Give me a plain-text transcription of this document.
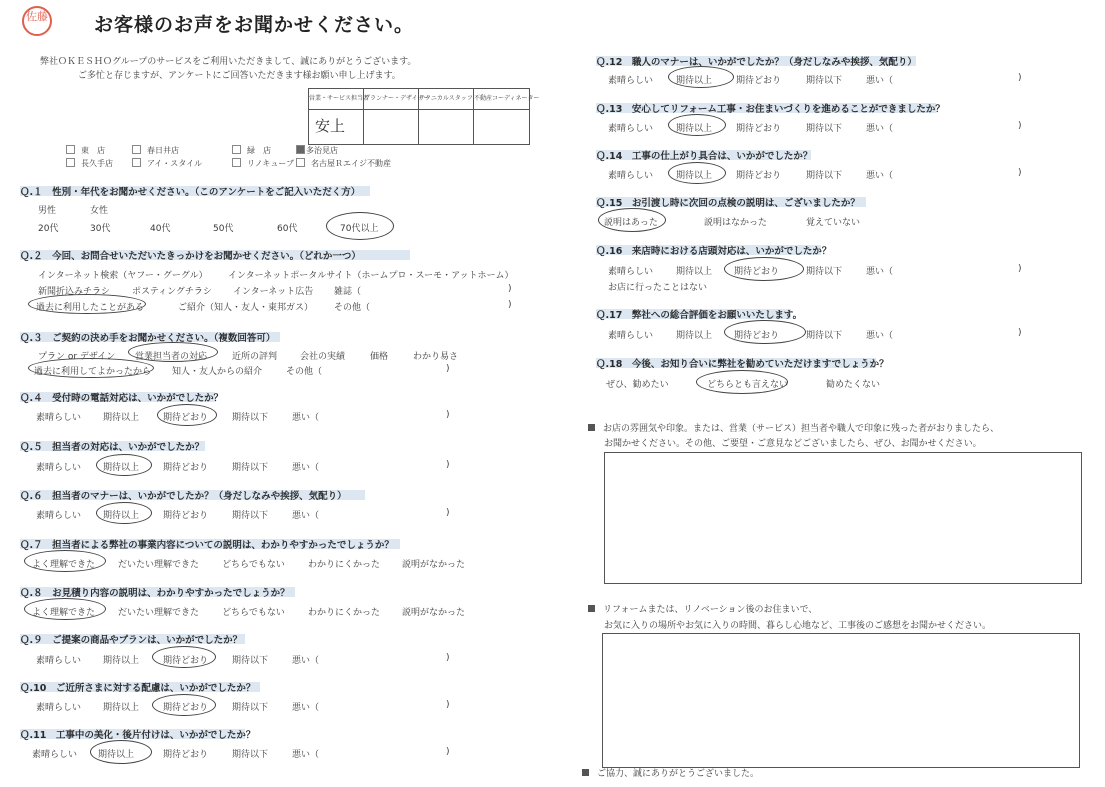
佐藤 お客様のお声をお聞かせください。
弊社ＯＫＥＳＨＯグループのサービスをご利用いただきまして、誠にありがとうございます。
ご多忙と存じますが、アンケートにご回答いただきます様お願い申し上げます。
営業・サービス担当者
プランナー・デザイナー
テクニカルスタッフ 不動産コーディネーター
安上
東　店	春日井店	緑　店	多治見店
長久手店	アイ・スタイル	リノキューブ	名古屋Ｒエイジ不動産
Ｑ.１　性別・年代をお聞かせください。（このアンケートをご記入いただく方）
男性	女性
20代	30代	40代	50代	60代	70代以上
Ｑ.２　今回、お問合せいただいたきっかけをお聞かせください。（どれか一つ）
インターネット検索（ヤフー・グーグル） インターネットポータルサイト（ホームプロ・スーモ・アットホーム）
新聞折込みチラシ ポスティングチラシ インターネット広告 雑誌（	)
過去に利用したことがある	ご紹介（知人・友人・東邦ガス） その他（	)
Ｑ.３　ご契約の決め手をお聞かせください。（複数回答可）
プラン or デザイン 営業担当者の対応	近所の評判	会社の実績	価格	わかり易さ
過去に利用してよかったから 知人・友人からの紹介	その他（	)
Ｑ.４　受付時の電話対応は、いかがでしたか？
素晴らしい 期待以上	期待どおり	期待以下	悪い（	)
Ｑ.５　担当者の対応は、いかがでしたか？
素晴らしい 期待以上	期待どおり	期待以下	悪い（	)
Ｑ.６　担当者のマナーは、いかがでしたか？（身だしなみや挨拶、気配り）
素晴らしい 期待以上	期待どおり	期待以下	悪い（	)
Ｑ.７　担当者による弊社の事業内容についての説明は、わかりやすかったでしょうか？
よく理解できた	だいたい理解できた	どちらでもない	わかりにくかった 説明がなかった
Ｑ.８　お見積り内容の説明は、わかりやすかったでしょうか？
よく理解できた	だいたい理解できた	どちらでもない	わかりにくかった 説明がなかった
Ｑ.９　ご提案の商品やプランは、いかがでしたか？
素晴らしい 期待以上	期待どおり	期待以下	悪い（	)
Ｑ.10　ご近所さまに対する配慮は、いかがでしたか？
素晴らしい 期待以上	期待どおり	期待以下	悪い（	)
Ｑ.11　工事中の美化・後片付けは、いかがでしたか？
素晴らしい 期待以上	期待どおり	期待以下	悪い（	)
Ｑ.12　職人のマナーは、いかがでしたか？（身だしなみや挨拶、気配り）
素晴らしい	期待以上	期待どおり	期待以下	悪い（	)
Ｑ.13　安心してリフォーム工事・お住まいづくりを進めることができましたか？
素晴らしい	期待以上	期待どおり	期待以下	悪い（	)
Ｑ.14　工事の仕上がり具合は、いかがでしたか？
素晴らしい	期待以上	期待どおり	期待以下	悪い（	)
Ｑ.15　お引渡し時に次回の点検の説明は、ございましたか？
説明はあった	説明はなかった	覚えていない
Ｑ.16　来店時における店頭対応は、いかがでしたか？
素晴らしい	期待以上 期待どおり	期待以下	悪い（	)
お店に行ったことはない
Ｑ.17　弊社への総合評価をお願いいたします。
素晴らしい	期待以上 期待どおり	期待以下	悪い（	)
Ｑ.18　今後、お知り合いに弊社を勧めていただけますでしょうか？
ぜひ、勧めたい	どちらとも言えない	勧めたくない
お店の雰囲気や印象。または、営業（サービス）担当者や職人で印象に残った者がおりましたら、
お聞かせください。その他、ご要望・ご意見などございましたら、ぜひ、お聞かせください。
リフォームまたは、リノベーション後のお住まいで、
お気に入りの場所やお気に入りの時間、暮らし心地など、工事後のご感想をお聞かせください。
ご協力、誠にありがとうございました。
